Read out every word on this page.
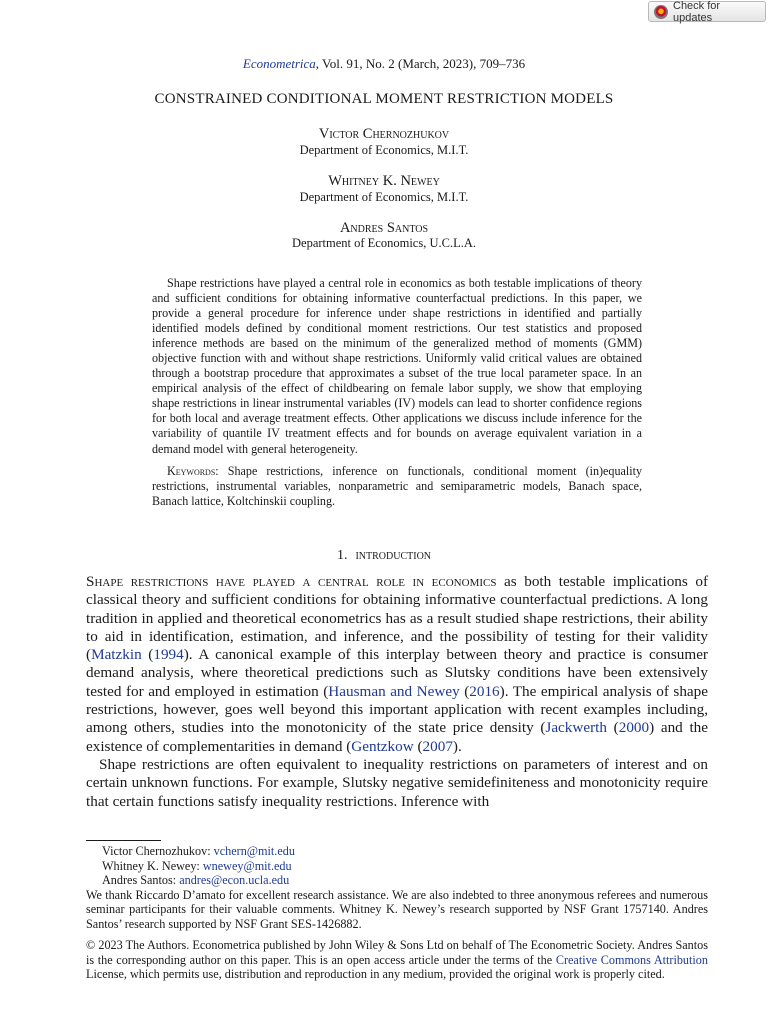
Check for updates
Econometrica, Vol. 91, No. 2 (March, 2023), 709–736
CONSTRAINED CONDITIONAL MOMENT RESTRICTION MODELS
Victor Chernozhukov
Department of Economics, M.I.T.
Whitney K. Newey
Department of Economics, M.I.T.
Andres Santos
Department of Economics, U.C.L.A.

Shape restrictions have played a central role in economics as both testable implications of theory and sufficient conditions for obtaining informative counterfactual predictions. In this paper, we provide a general procedure for inference under shape restrictions in identified and partially identified models defined by conditional moment restrictions. Our test statistics and proposed inference methods are based on the minimum of the generalized method of moments (GMM) objective function with and without shape restrictions. Uniformly valid critical values are obtained through a bootstrap procedure that approximates a subset of the true local parameter space. In an empirical analysis of the effect of childbearing on female labor supply, we show that employing shape restrictions in linear instrumental variables (IV) models can lead to shorter confidence regions for both local and average treatment effects. Other applications we discuss include inference for the variability of quantile IV treatment effects and for bounds on average equivalent variation in a demand model with general heterogeneity.

Keywords: Shape restrictions, inference on functionals, conditional moment (in)equality restrictions, instrumental variables, nonparametric and semiparametric models, Banach space, Banach lattice, Koltchinskii coupling.

1. introduction

Shape restrictions have played a central role in economics as both testable implications of classical theory and sufficient conditions for obtaining informative counterfactual predictions. A long tradition in applied and theoretical econometrics has as a result studied shape restrictions, their ability to aid in identification, estimation, and inference, and the possibility of testing for their validity (Matzkin (1994). A canonical example of this interplay between theory and practice is consumer demand analysis, where theoretical predictions such as Slutsky conditions have been extensively tested for and employed in estimation (Hausman and Newey (2016). The empirical analysis of shape restrictions, however, goes well beyond this important application with recent examples including, among others, studies into the monotonicity of the state price density (Jackwerth (2000) and the existence of complementarities in demand (Gentzkow (2007).

Shape restrictions are often equivalent to inequality restrictions on parameters of interest and on certain unknown functions. For example, Slutsky negative semidefiniteness and monotonicity require that certain functions satisfy inequality restrictions. Inference with

Victor Chernozhukov: vchern@mit.edu

Whitney K. Newey: wnewey@mit.edu

Andres Santos: andres@econ.ucla.edu

We thank Riccardo D’amato for excellent research assistance. We are also indebted to three anonymous referees and numerous seminar participants for their valuable comments. Whitney K. Newey’s research supported by NSF Grant 1757140. Andres Santos’ research supported by NSF Grant SES-1426882.

© 2023 The Authors. Econometrica published by John Wiley & Sons Ltd on behalf of The Econometric Society. Andres Santos is the corresponding author on this paper. This is an open access article under the terms of the Creative Commons Attribution License, which permits use, distribution and reproduction in any medium, provided the original work is properly cited.
